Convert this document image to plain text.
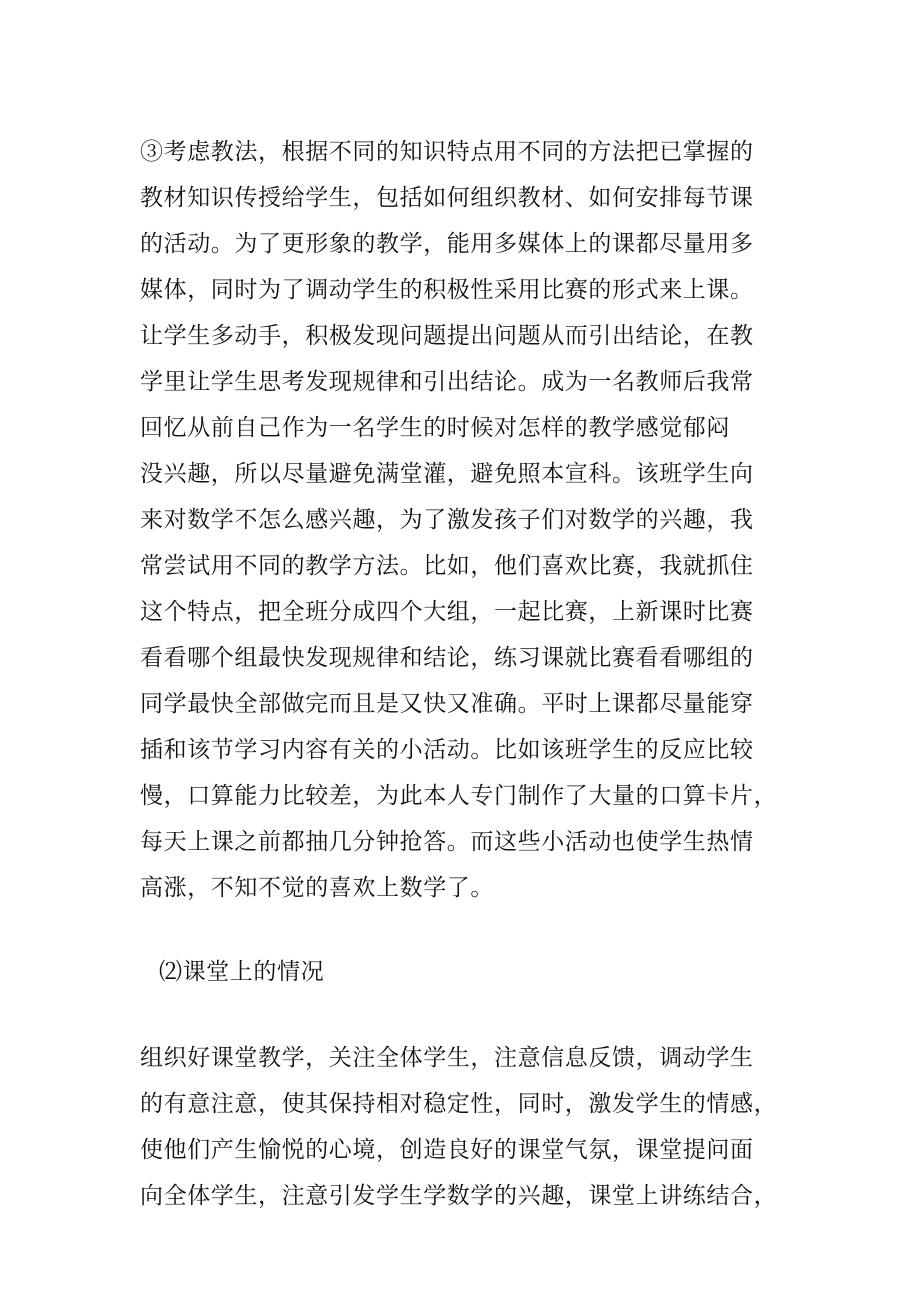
③考虑教法，根据不同的知识特点用不同的方法把已掌握的
教材知识传授给学生，包括如何组织教材、如何安排每节课
的活动。为了更形象的教学，能用多媒体上的课都尽量用多
媒体，同时为了调动学生的积极性采用比赛的形式来上课。
让学生多动手，积极发现问题提出问题从而引出结论，在教
学里让学生思考发现规律和引出结论。成为一名教师后我常
回忆从前自己作为一名学生的时候对怎样的教学感觉郁闷
没兴趣，所以尽量避免满堂灌，避免照本宣科。该班学生向
来对数学不怎么感兴趣，为了激发孩子们对数学的兴趣，我
常尝试用不同的教学方法。比如，他们喜欢比赛，我就抓住
这个特点，把全班分成四个大组，一起比赛，上新课时比赛
看看哪个组最快发现规律和结论，练习课就比赛看看哪组的
同学最快全部做完而且是又快又准确。平时上课都尽量能穿
插和该节学习内容有关的小活动。比如该班学生的反应比较
慢，口算能力比较差，为此本人专门制作了大量的口算卡片，
每天上课之前都抽几分钟抢答。而这些小活动也使学生热情
高涨，不知不觉的喜欢上数学了。
⑵课堂上的情况
组织好课堂教学，关注全体学生，注意信息反馈，调动学生
的有意注意，使其保持相对稳定性，同时，激发学生的情感，
使他们产生愉悦的心境，创造良好的课堂气氛，课堂提问面
向全体学生，注意引发学生学数学的兴趣，课堂上讲练结合，
